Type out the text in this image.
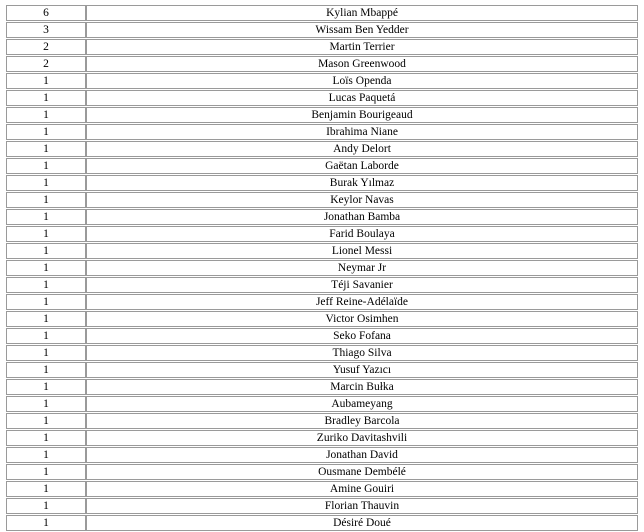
6	Kylian Mbappé
3	Wissam Ben Yedder
2	Martin Terrier
2	Mason Greenwood
1	Loïs Openda
1	Lucas Paquetá
1	Benjamin Bourigeaud
1	Ibrahima Niane
1	Andy Delort
1	Gaëtan Laborde
1	Burak Yılmaz
1	Keylor Navas
1	Jonathan Bamba
1	Farid Boulaya
1	Lionel Messi
1	Neymar Jr
1	Téji Savanier
1	Jeff Reine-Adélaïde
1	Victor Osimhen
1	Seko Fofana
1	Thiago Silva
1	Yusuf Yazıcı
1	Marcin Bułka
1	Aubameyang
1	Bradley Barcola
1	Zuriko Davitashvili
1	Jonathan David
1	Ousmane Dembélé
1	Amine Gouiri
1	Florian Thauvin
1	Désiré Doué
